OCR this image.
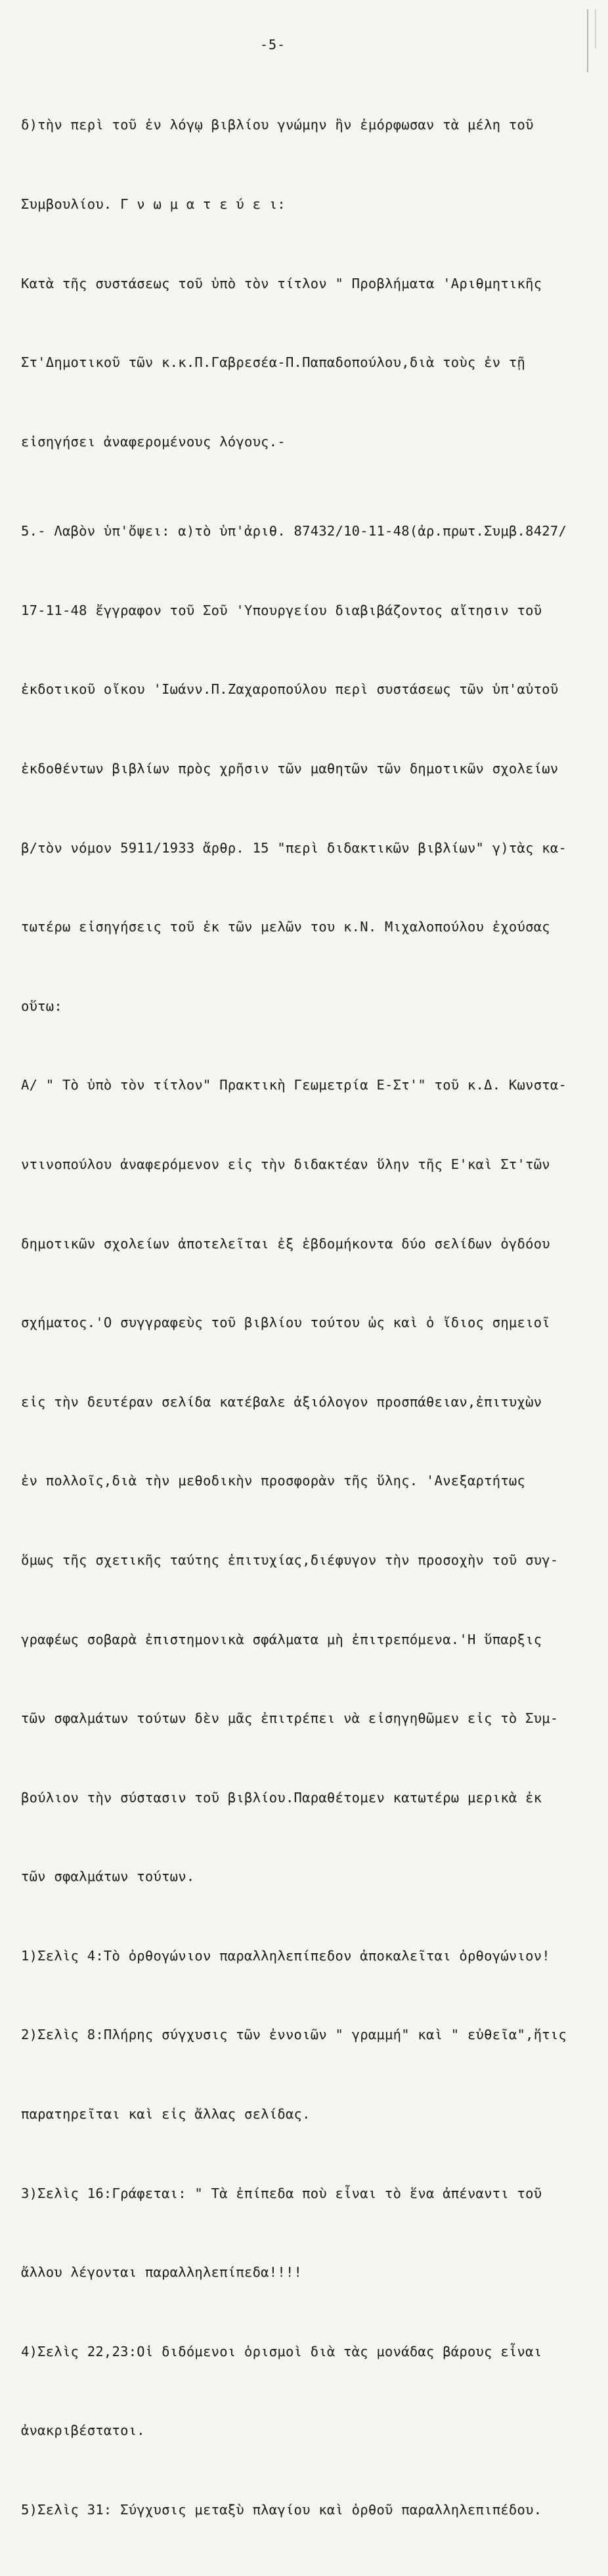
-5-

δ)τὴν περὶ τοῦ ἐν λόγῳ βιβλίου γνώμην ἣν ἐμόρφωσαν τὰ μέλη τοῦ

Συμβουλίου. Γ ν ω μ α τ ε ύ ε ι:

Κατὰ τῆς συστάσεως τοῦ ὑπὸ τὸν τίτλον " Προβλήματα 'Αριθμητικῆς

Στ'Δημοτικοῦ τῶν κ.κ.Π.Γαβρεσέα-Π.Παπαδοπούλου,διὰ τοὺς ἐν τῇ

εἰσηγήσει ἀναφερομένους λόγους.-

5.- Λαβὸν ὑπ'ὄψει: α)τὸ ὑπ'ἀριθ. 87432/10-11-48(ἀρ.πρωτ.Συμβ.8427/

17-11-48 ἔγγραφον τοῦ Σοῦ 'Υπουργείου διαβιβάζοντος αἴτησιν τοῦ

ἐκδοτικοῦ οἴκου 'Ιωάνν.Π.Ζαχαροπούλου περὶ συστάσεως τῶν ὑπ'αὐτοῦ

ἐκδοθέντων βιβλίων πρὸς χρῆσιν τῶν μαθητῶν τῶν δημοτικῶν σχολείων

β/τὸν νόμον 5911/1933 ἄρθρ. 15 "περὶ διδακτικῶν βιβλίων" γ)τὰς κα-

τωτέρω εἰσηγήσεις τοῦ ἐκ τῶν μελῶν του κ.Ν. Μιχαλοπούλου ἐχούσας

οὕτω:

Α/ " Τὸ ὑπὸ τὸν τίτλον" Πρακτικὴ Γεωμετρία Ε-Στ'" τοῦ κ.Δ. Κωνστα-

ντινοπούλου ἀναφερόμενον εἰς τὴν διδακτέαν ὕλην τῆς Ε'καὶ Στ'τῶν

δημοτικῶν σχολείων ἀποτελεῖται ἐξ ἑβδομήκοντα δύο σελίδων ὀγδόου

σχήματος.'Ο συγγραφεὺς τοῦ βιβλίου τούτου ὡς καὶ ὁ ἴδιος σημειοῖ

εἰς τὴν δευτέραν σελίδα κατέβαλε ἀξιόλογον προσπάθειαν,ἐπιτυχὼν

ἐν πολλοῖς,διὰ τὴν μεθοδικὴν προσφορὰν τῆς ὕλης. 'Ανεξαρτήτως

ὅμως τῆς σχετικῆς ταύτης ἐπιτυχίας,διέφυγον τὴν προσοχὴν τοῦ συγ-

γραφέως σοβαρὰ ἐπιστημονικὰ σφάλματα μὴ ἐπιτρεπόμενα.'Η ὕπαρξις

τῶν σφαλμάτων τούτων δὲν μᾶς ἐπιτρέπει νὰ εἰσηγηθῶμεν εἰς τὸ Συμ-

βούλιον τὴν σύστασιν τοῦ βιβλίου.Παραθέτομεν κατωτέρω μερικὰ ἐκ

τῶν σφαλμάτων τούτων.

1)Σελὶς 4:Τὸ ὀρθογώνιον παραλληλεπίπεδον ἀποκαλεῖται ὀρθογώνιον!

2)Σελὶς 8:Πλήρης σύγχυσις τῶν ἐννοιῶν " γραμμή" καὶ " εὐθεῖα",ἥτις

παρατηρεῖται καὶ εἰς ἄλλας σελίδας.

3)Σελὶς 16:Γράφεται: " Τὰ ἐπίπεδα ποὺ εἶναι τὸ ἕνα ἀπέναντι τοῦ

ἄλλου λέγονται παραλληλεπίπεδα!!!!

4)Σελὶς 22,23:Οἱ διδόμενοι ὁρισμοὶ διὰ τὰς μονάδας βάρους εἶναι

ἀνακριβέστατοι.

5)Σελὶς 31: Σύγχυσις μεταξὺ πλαγίου καὶ ὀρθοῦ παραλληλεπιπέδου.
